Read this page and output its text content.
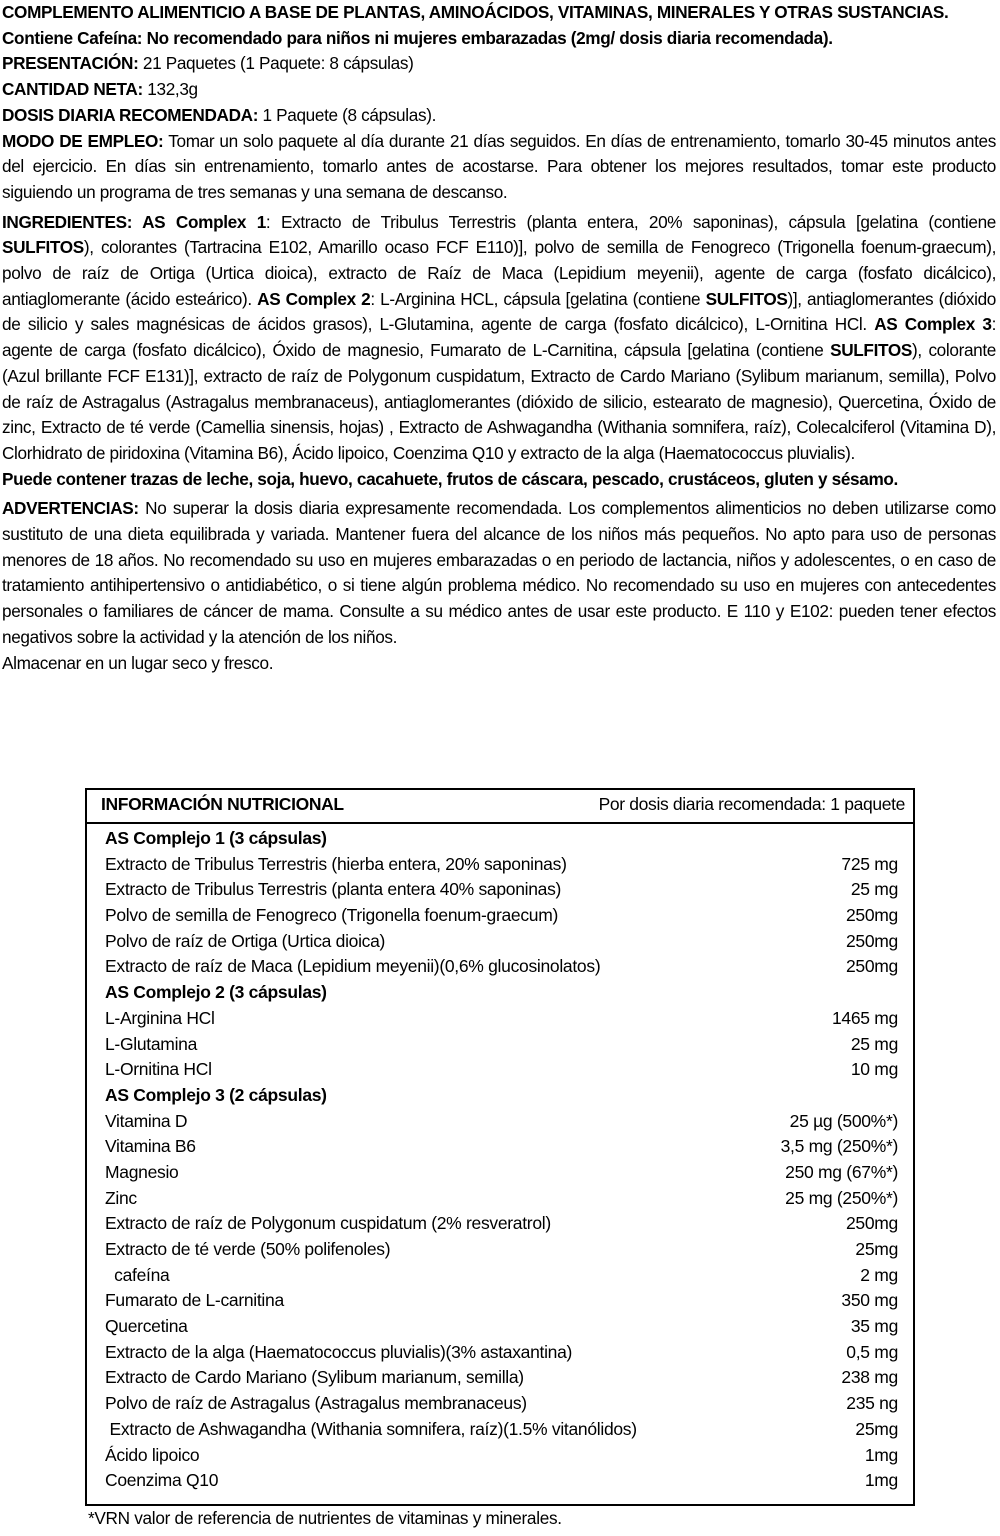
COMPLEMENTO ALIMENTICIO A BASE DE PLANTAS, AMINOÁCIDOS, VITAMINAS, MINERALES Y OTRAS SUSTANCIAS.

Contiene Cafeína: No recomendado para niños ni mujeres embarazadas (2mg/ dosis diaria recomendada).

PRESENTACIÓN: 21 Paquetes (1 Paquete: 8 cápsulas)

CANTIDAD NETA: 132,3g

DOSIS DIARIA RECOMENDADA: 1 Paquete (8 cápsulas).

MODO DE EMPLEO: Tomar un solo paquete al día durante 21 días seguidos. En días de entrenamiento, tomarlo 30-45 minutos antes del ejercicio. En días sin entrenamiento, tomarlo antes de acostarse. Para obtener los mejores resultados, tomar este producto siguiendo un programa de tres semanas y una semana de descanso.

INGREDIENTES: AS Complex 1: Extracto de Tribulus Terrestris (planta entera, 20% saponinas), cápsula [gelatina (contiene SULFITOS), colorantes (Tartracina E102, Amarillo ocaso FCF E110)], polvo de semilla de Fenogreco (Trigonella foenum-graecum), polvo de raíz de Ortiga (Urtica dioica), extracto de Raíz de Maca (Lepidium meyenii), agente de carga (fosfato dicálcico), antiaglomerante (ácido esteárico). AS Complex 2: L-Arginina HCL, cápsula [gelatina (contiene SULFITOS)], antiaglomerantes (dióxido de silicio y sales magnésicas de ácidos grasos), L-Glutamina, agente de carga (fosfato dicálcico), L-Ornitina HCl. AS Complex 3: agente de carga (fosfato dicálcico), Óxido de magnesio, Fumarato de L-Carnitina, cápsula [gelatina (contiene SULFITOS), colorante (Azul brillante FCF E131)], extracto de raíz de Polygonum cuspidatum, Extracto de Cardo Mariano (Sylibum marianum, semilla), Polvo de raíz de Astragalus (Astragalus membranaceus), antiaglomerantes (dióxido de silicio, estearato de magnesio), Quercetina, Óxido de zinc, Extracto de té verde (Camellia sinensis, hojas) , Extracto de Ashwagandha (Withania somnifera, raíz), Colecalciferol (Vitamina D), Clorhidrato de piridoxina (Vitamina B6), Ácido lipoico, Coenzima Q10 y extracto de la alga (Haematococcus pluvialis).

Puede contener trazas de leche, soja, huevo, cacahuete, frutos de cáscara, pescado, crustáceos, gluten y sésamo.

ADVERTENCIAS: No superar la dosis diaria expresamente recomendada. Los complementos alimenticios no deben utilizarse como sustituto de una dieta equilibrada y variada. Mantener fuera del alcance de los niños más pequeños. No apto para uso de personas menores de 18 años. No recomendado su uso en mujeres embarazadas o en periodo de lactancia, niños y adolescentes, o en caso de tratamiento antihipertensivo o antidiabético, o si tiene algún problema médico. No recomendado su uso en mujeres con antecedentes personales o familiares de cáncer de mama. Consulte a su médico antes de usar este producto. E 110 y E102: pueden tener efectos negativos sobre la actividad y la atención de los niños.

Almacenar en un lugar seco y fresco.

INFORMACIÓN NUTRICIONAL	Por dosis diaria recomendada: 1 paquete
AS Complejo 1 (3 cápsulas)
Extracto de Tribulus Terrestris (hierba entera, 20% saponinas)	725 mg
Extracto de Tribulus Terrestris (planta entera 40% saponinas)	25 mg
Polvo de semilla de Fenogreco (Trigonella foenum-graecum)	250mg
Polvo de raíz de Ortiga (Urtica dioica)	250mg
Extracto de raíz de Maca (Lepidium meyenii)(0,6% glucosinolatos)	250mg
AS Complejo 2 (3 cápsulas)
L-Arginina HCl	1465 mg
L-Glutamina	25 mg
L-Ornitina HCl	10 mg
AS Complejo 3 (2 cápsulas)
Vitamina D	25 µg (500%*)
Vitamina B6	3,5 mg (250%*)
Magnesio	250 mg (67%*)
Zinc	25 mg (250%*)
Extracto de raíz de Polygonum cuspidatum (2% resveratrol)	250mg
Extracto de té verde (50% polifenoles)	25mg
cafeína	2 mg
Fumarato de L-carnitina	350 mg
Quercetina	35 mg
Extracto de la alga (Haematococcus pluvialis)(3% astaxantina)	0,5 mg
Extracto de Cardo Mariano (Sylibum marianum, semilla)	238 mg
Polvo de raíz de Astragalus (Astragalus membranaceus)	235 ng
Extracto de Ashwagandha (Withania somnifera, raíz)(1.5% vitanólidos)	25mg
Ácido lipoico	1mg
Coenzima Q10	1mg
*VRN valor de referencia de nutrientes de vitaminas y minerales.
